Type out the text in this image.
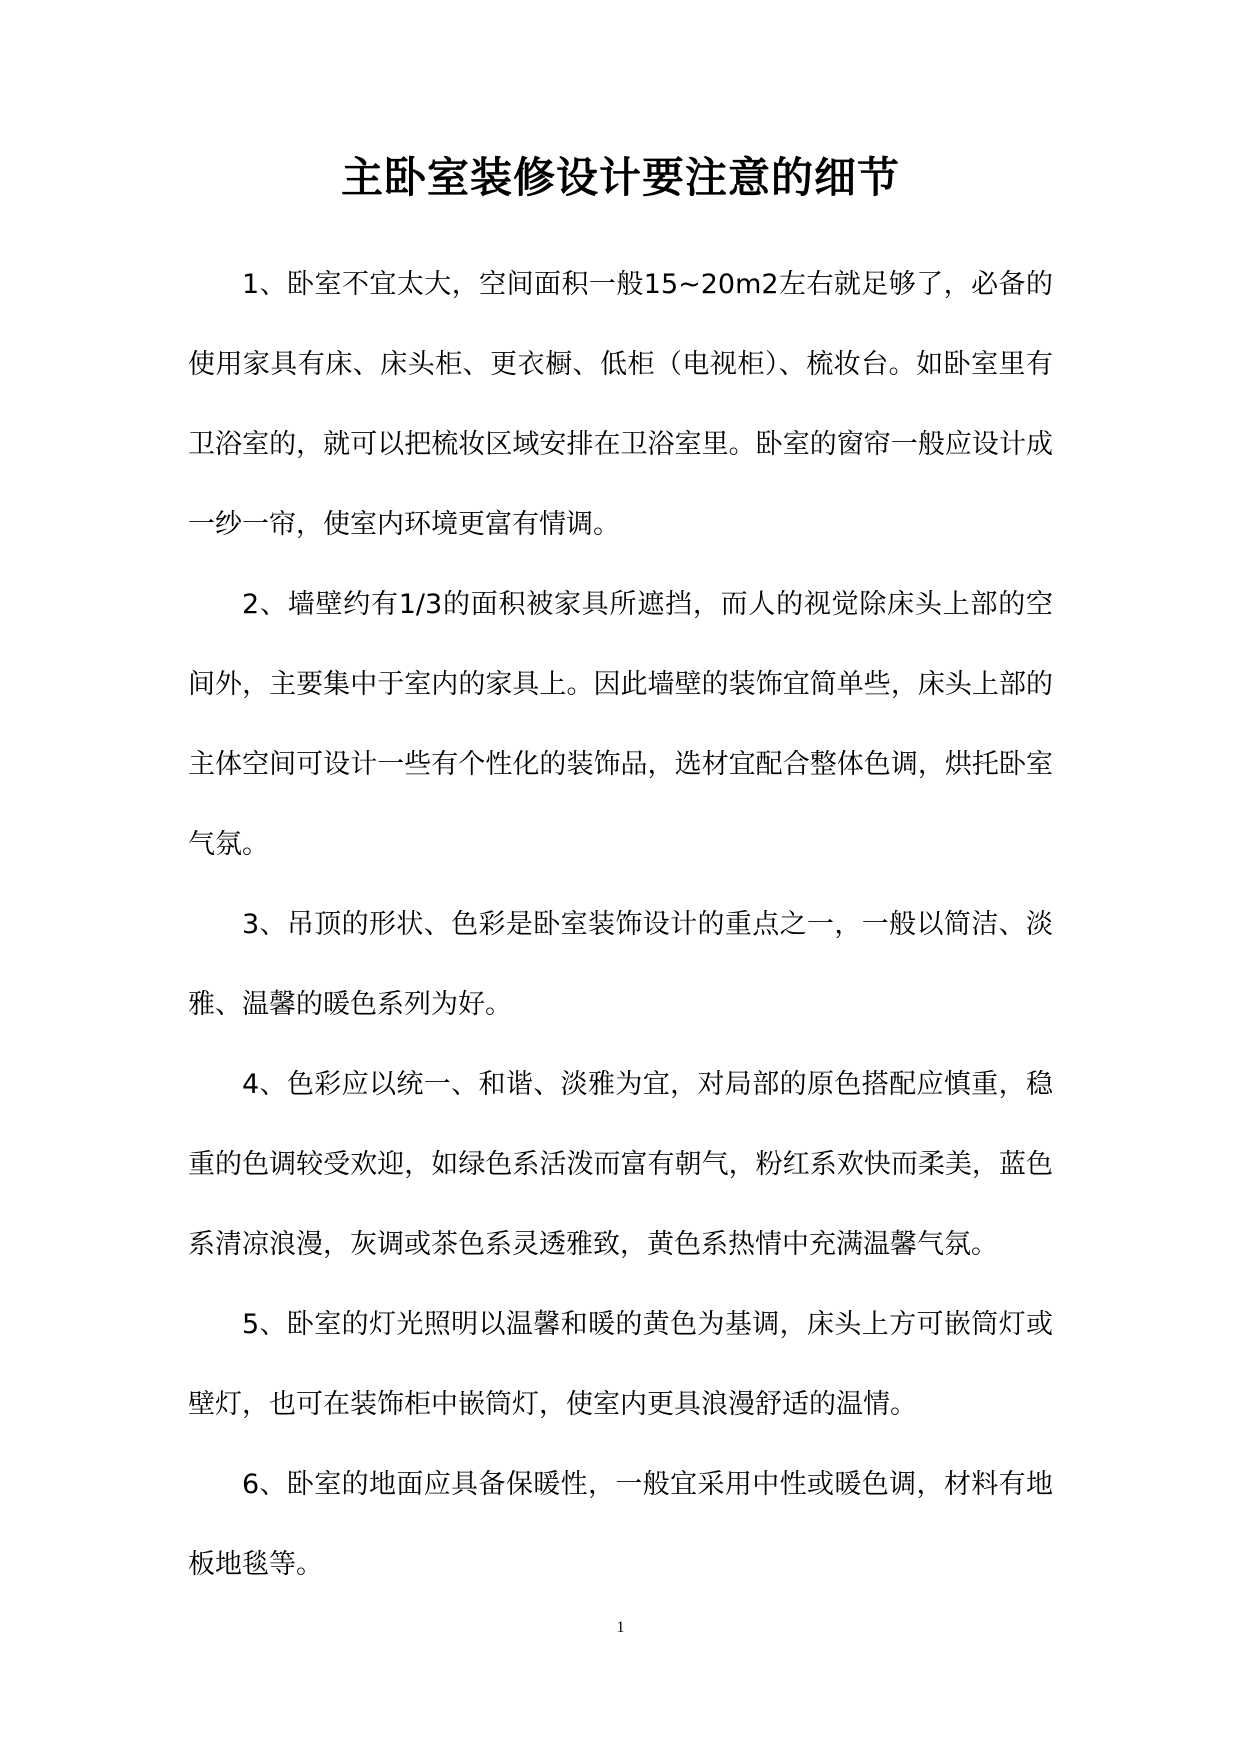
主卧室装修设计要注意的细节

1、卧室不宜太大，空间面积一般15~20m2左右就足够了，必备的使用家具有床、床头柜、更衣橱、低柜（电视柜）、梳妆台。如卧室里有卫浴室的，就可以把梳妆区域安排在卫浴室里。卧室的窗帘一般应设计成一纱一帘，使室内环境更富有情调。

2、墙壁约有1/3的面积被家具所遮挡，而人的视觉除床头上部的空间外，主要集中于室内的家具上。因此墙壁的装饰宜简单些，床头上部的主体空间可设计一些有个性化的装饰品，选材宜配合整体色调，烘托卧室气氛。

3、吊顶的形状、色彩是卧室装饰设计的重点之一，一般以简洁、淡雅、温馨的暖色系列为好。

4、色彩应以统一、和谐、淡雅为宜，对局部的原色搭配应慎重，稳重的色调较受欢迎，如绿色系活泼而富有朝气，粉红系欢快而柔美，蓝色系清凉浪漫，灰调或茶色系灵透雅致，黄色系热情中充满温馨气氛。

5、卧室的灯光照明以温馨和暖的黄色为基调，床头上方可嵌筒灯或壁灯，也可在装饰柜中嵌筒灯，使室内更具浪漫舒适的温情。

6、卧室的地面应具备保暖性，一般宜采用中性或暖色调，材料有地板地毯等。

1
